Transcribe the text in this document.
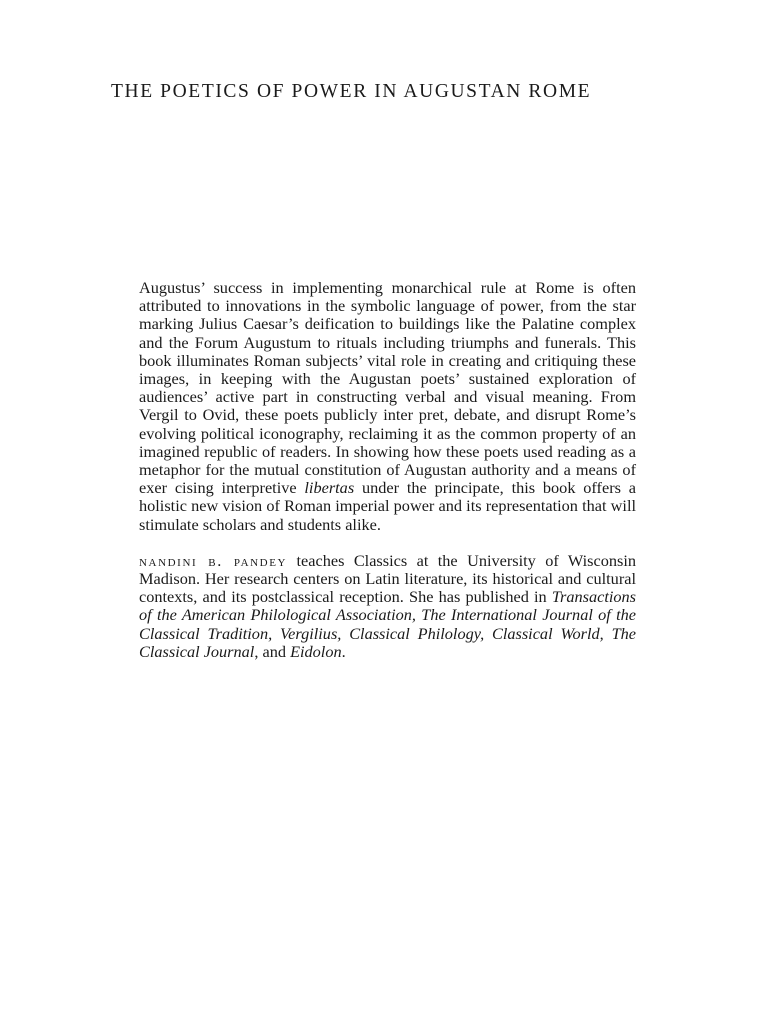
THE POETICS OF POWER IN AUGUSTAN ROME

Augustus’ success in implementing monarchical rule at Rome is often attributed to innovations in the symbolic language of power, from the star marking Julius Caesar’s deification to buildings like the Palatine complex and the Forum Augustum to rituals including triumphs and funerals. This book illuminates Roman subjects’ vital role in creating and critiquing these images, in keeping with the Augustan poets’ sustained exploration of audiences’ active part in constructing verbal and visual meaning. From Vergil to Ovid, these poets publicly inter pret, debate, and disrupt Rome’s evolving political iconography, reclaiming it as the common property of an imagined republic of readers. In showing how these poets used reading as a metaphor for the mutual constitution of Augustan authority and a means of exer cising interpretive libertas under the principate, this book offers a holistic new vision of Roman imperial power and its representation that will stimulate scholars and students alike.

nandini b. pandey teaches Classics at the University of Wisconsin Madison. Her research centers on Latin literature, its historical and cultural contexts, and its postclassical reception. She has published in Transactions of the American Philological Association, The International Journal of the Classical Tradition, Vergilius, Classical Philology, Classical World, The Classical Journal, and Eidolon.
